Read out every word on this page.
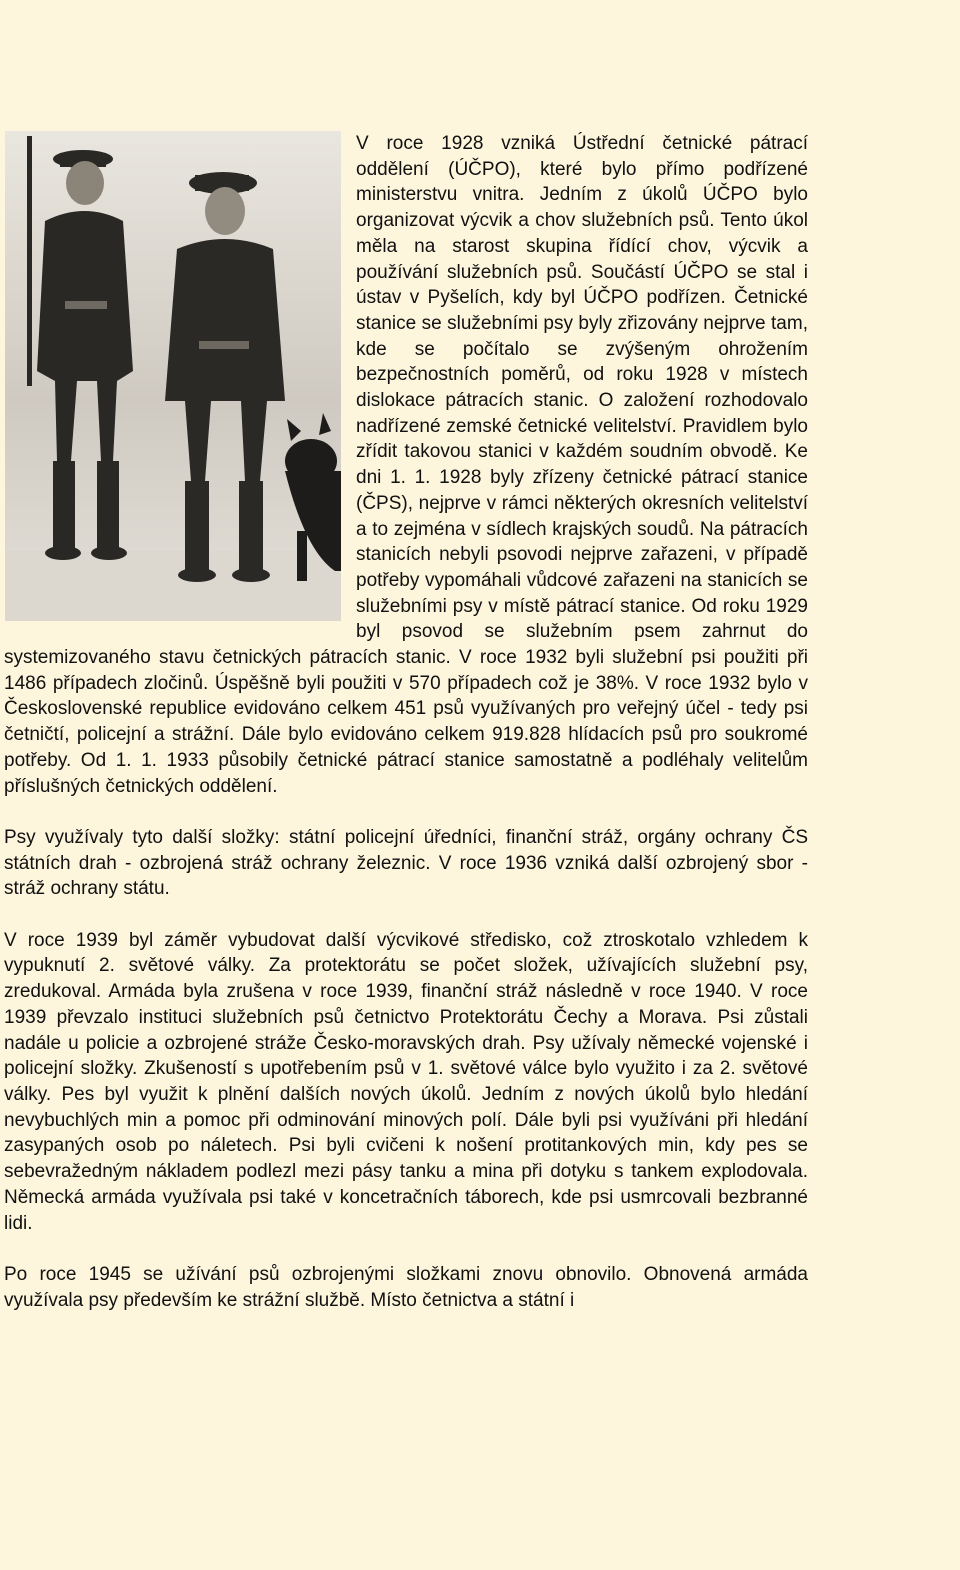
V roce 1928 vzniká Ústřední četnické pátrací oddělení (ÚČPO), které bylo přímo podřízené ministerstvu vnitra. Jedním z úkolů ÚČPO bylo organizovat výcvik a chov služebních psů. Tento úkol měla na starost skupina řídící chov, výcvik a používání služebních psů. Součástí ÚČPO se stal i ústav v Pyšelích, kdy byl ÚČPO podřízen. Četnické stanice se služebními psy byly zřizovány nejprve tam, kde se počítalo se zvýšeným ohrožením bezpečnostních poměrů, od roku 1928 v místech dislokace pátracích stanic. O založení rozhodovalo nadřízené zemské četnické velitelství. Pravidlem bylo zřídit takovou stanici v každém soudním obvodě. Ke dni 1. 1. 1928 byly zřízeny četnické pátrací stanice (ČPS), nejprve v rámci některých okresních velitelství a to zejména v sídlech krajských soudů. Na pátracích stanicích nebyli psovodi nejprve zařazeni, v případě potřeby vypomáhali vůdcové zařazeni na stanicích se služebními psy v místě pátrací stanice. Od roku 1929 byl psovod se služebním psem zahrnut do systemizovaného stavu četnických pátracích stanic. V roce 1932 byli služební psi použiti při 1486 případech zločinů. Úspěšně byli použiti v 570 případech což je 38%. V roce 1932 bylo v Československé republice evidováno celkem 451 psů využívaných pro veřejný účel - tedy psi četničtí, policejní a strážní. Dále bylo evidováno celkem 919.828 hlídacích psů pro soukromé potřeby. Od 1. 1. 1933 působily četnické pátrací stanice samostatně a podléhaly velitelům příslušných četnických oddělení.

Psy využívaly tyto další složky: státní policejní úředníci, finanční stráž, orgány ochrany ČS státních drah - ozbrojená stráž ochrany železnic. V roce 1936 vzniká další ozbrojený sbor - stráž ochrany státu.

V roce 1939 byl záměr vybudovat další výcvikové středisko, což ztroskotalo vzhledem k vypuknutí 2. světové války. Za protektorátu se počet složek, užívajících služební psy, zredukoval. Armáda byla zrušena v roce 1939, finanční stráž následně v roce 1940. V roce 1939 převzalo instituci služebních psů četnictvo Protektorátu Čechy a Morava. Psi zůstali nadále u policie a ozbrojené stráže Česko-moravských drah. Psy užívaly německé vojenské i policejní složky. Zkušeností s upotřebením psů v 1. světové válce bylo využito i za 2. světové války. Pes byl využit k plnění dalších nových úkolů. Jedním z nových úkolů bylo hledání nevybuchlých min a pomoc při odminování minových polí. Dále byli psi využíváni při hledání zasypaných osob po náletech. Psi byli cvičeni k nošení protitankových min, kdy pes se sebevražedným nákladem podlezl mezi pásy tanku a mina při dotyku s tankem explodovala. Německá armáda využívala psi také v koncetračních táborech, kde psi usmrcovali bezbranné lidi.

Po roce 1945 se užívání psů ozbrojenými složkami znovu obnovilo. Obnovená armáda využívala psy především ke strážní službě. Místo četnictva a státní i
